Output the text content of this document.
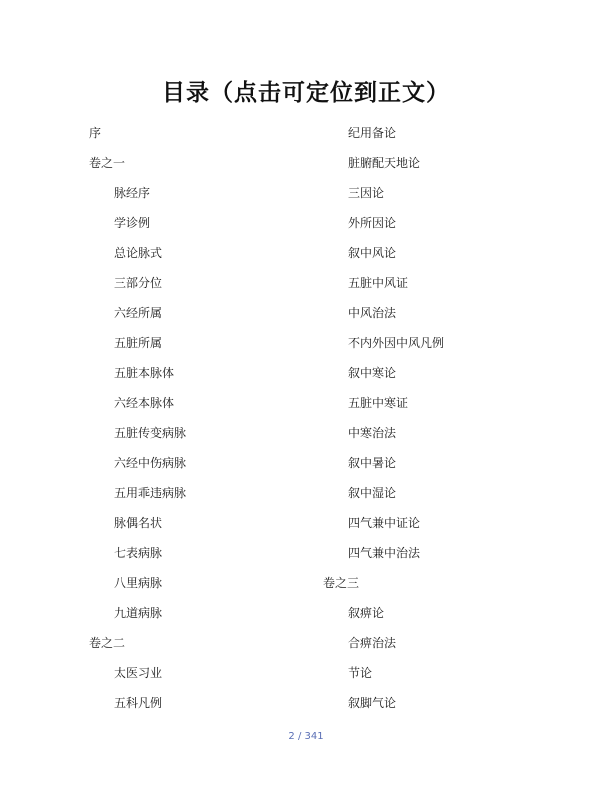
目录（点击可定位到正文）
序
卷之一
脉经序
学诊例
总论脉式
三部分位
六经所属
五脏所属
五脏本脉体
六经本脉体
五脏传变病脉
六经中伤病脉
五用乖违病脉
脉偶名状
七表病脉
八里病脉
九道病脉
卷之二
太医习业
五科凡例
纪用备论
脏腑配天地论
三因论
外所因论
叙中风论
五脏中风证
中风治法
不内外因中风凡例
叙中寒论
五脏中寒证
中寒治法
叙中暑论
叙中湿论
四气兼中证论
四气兼中治法
卷之三
叙痹论
合痹治法
节论
叙脚气论
2 / 341
